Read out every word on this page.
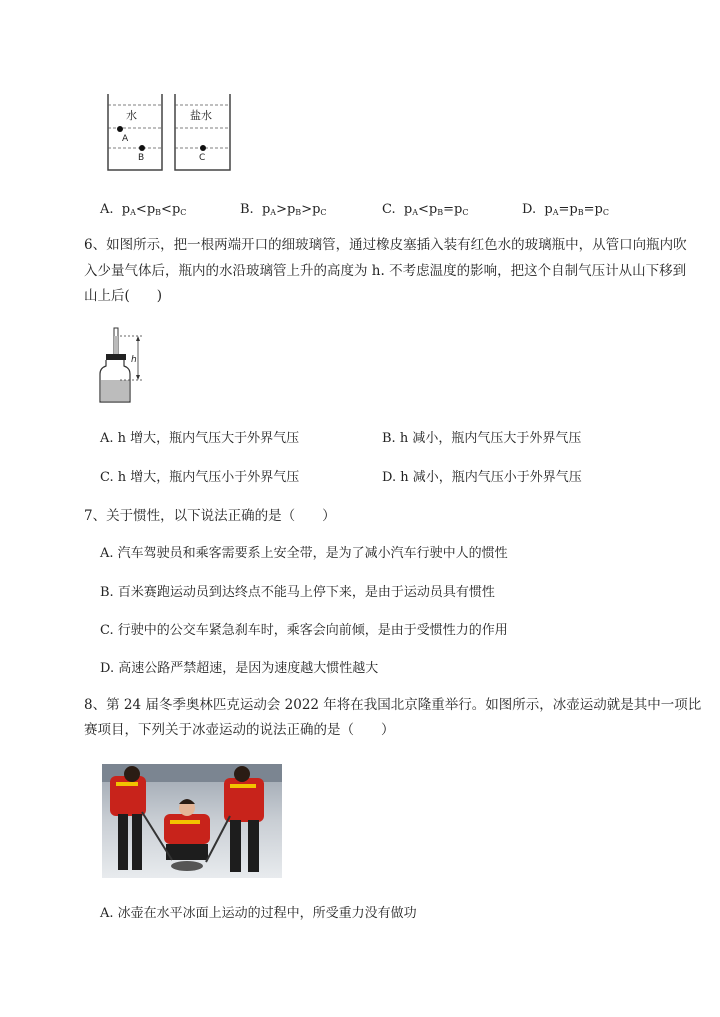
水	盐水
A
B	C
A. $p_A<p_B<p_C$	B. $p_A>p_B>p_C$	C. $p_A<p_B=p_C$	D. $p_A=p_B=p_C$
6、如图所示，把一根两端开口的细玻璃管，通过橡皮塞插入装有红色水的玻璃瓶中，从管口向瓶内吹
入少量气体后，瓶内的水沿玻璃管上升的高度为 h. 不考虑温度的影响，把这个自制气压计从山下移到
山上后(　　)
h
A. h 增大，瓶内气压大于外界气压	B. h 减小，瓶内气压大于外界气压
C. h 增大，瓶内气压小于外界气压	D. h 减小，瓶内气压小于外界气压
7、关于惯性，以下说法正确的是（　　）
A. 汽车驾驶员和乘客需要系上安全带，是为了减小汽车行驶中人的惯性
B. 百米赛跑运动员到达终点不能马上停下来，是由于运动员具有惯性
C. 行驶中的公交车紧急刹车时，乘客会向前倾，是由于受惯性力的作用
D. 高速公路严禁超速，是因为速度越大惯性越大
8、第 24 届冬季奥林匹克运动会 2022 年将在我国北京隆重举行。如图所示，冰壶运动就是其中一项比
赛项目，下列关于冰壶运动的说法正确的是（　　）
A. 冰壶在水平冰面上运动的过程中，所受重力没有做功
